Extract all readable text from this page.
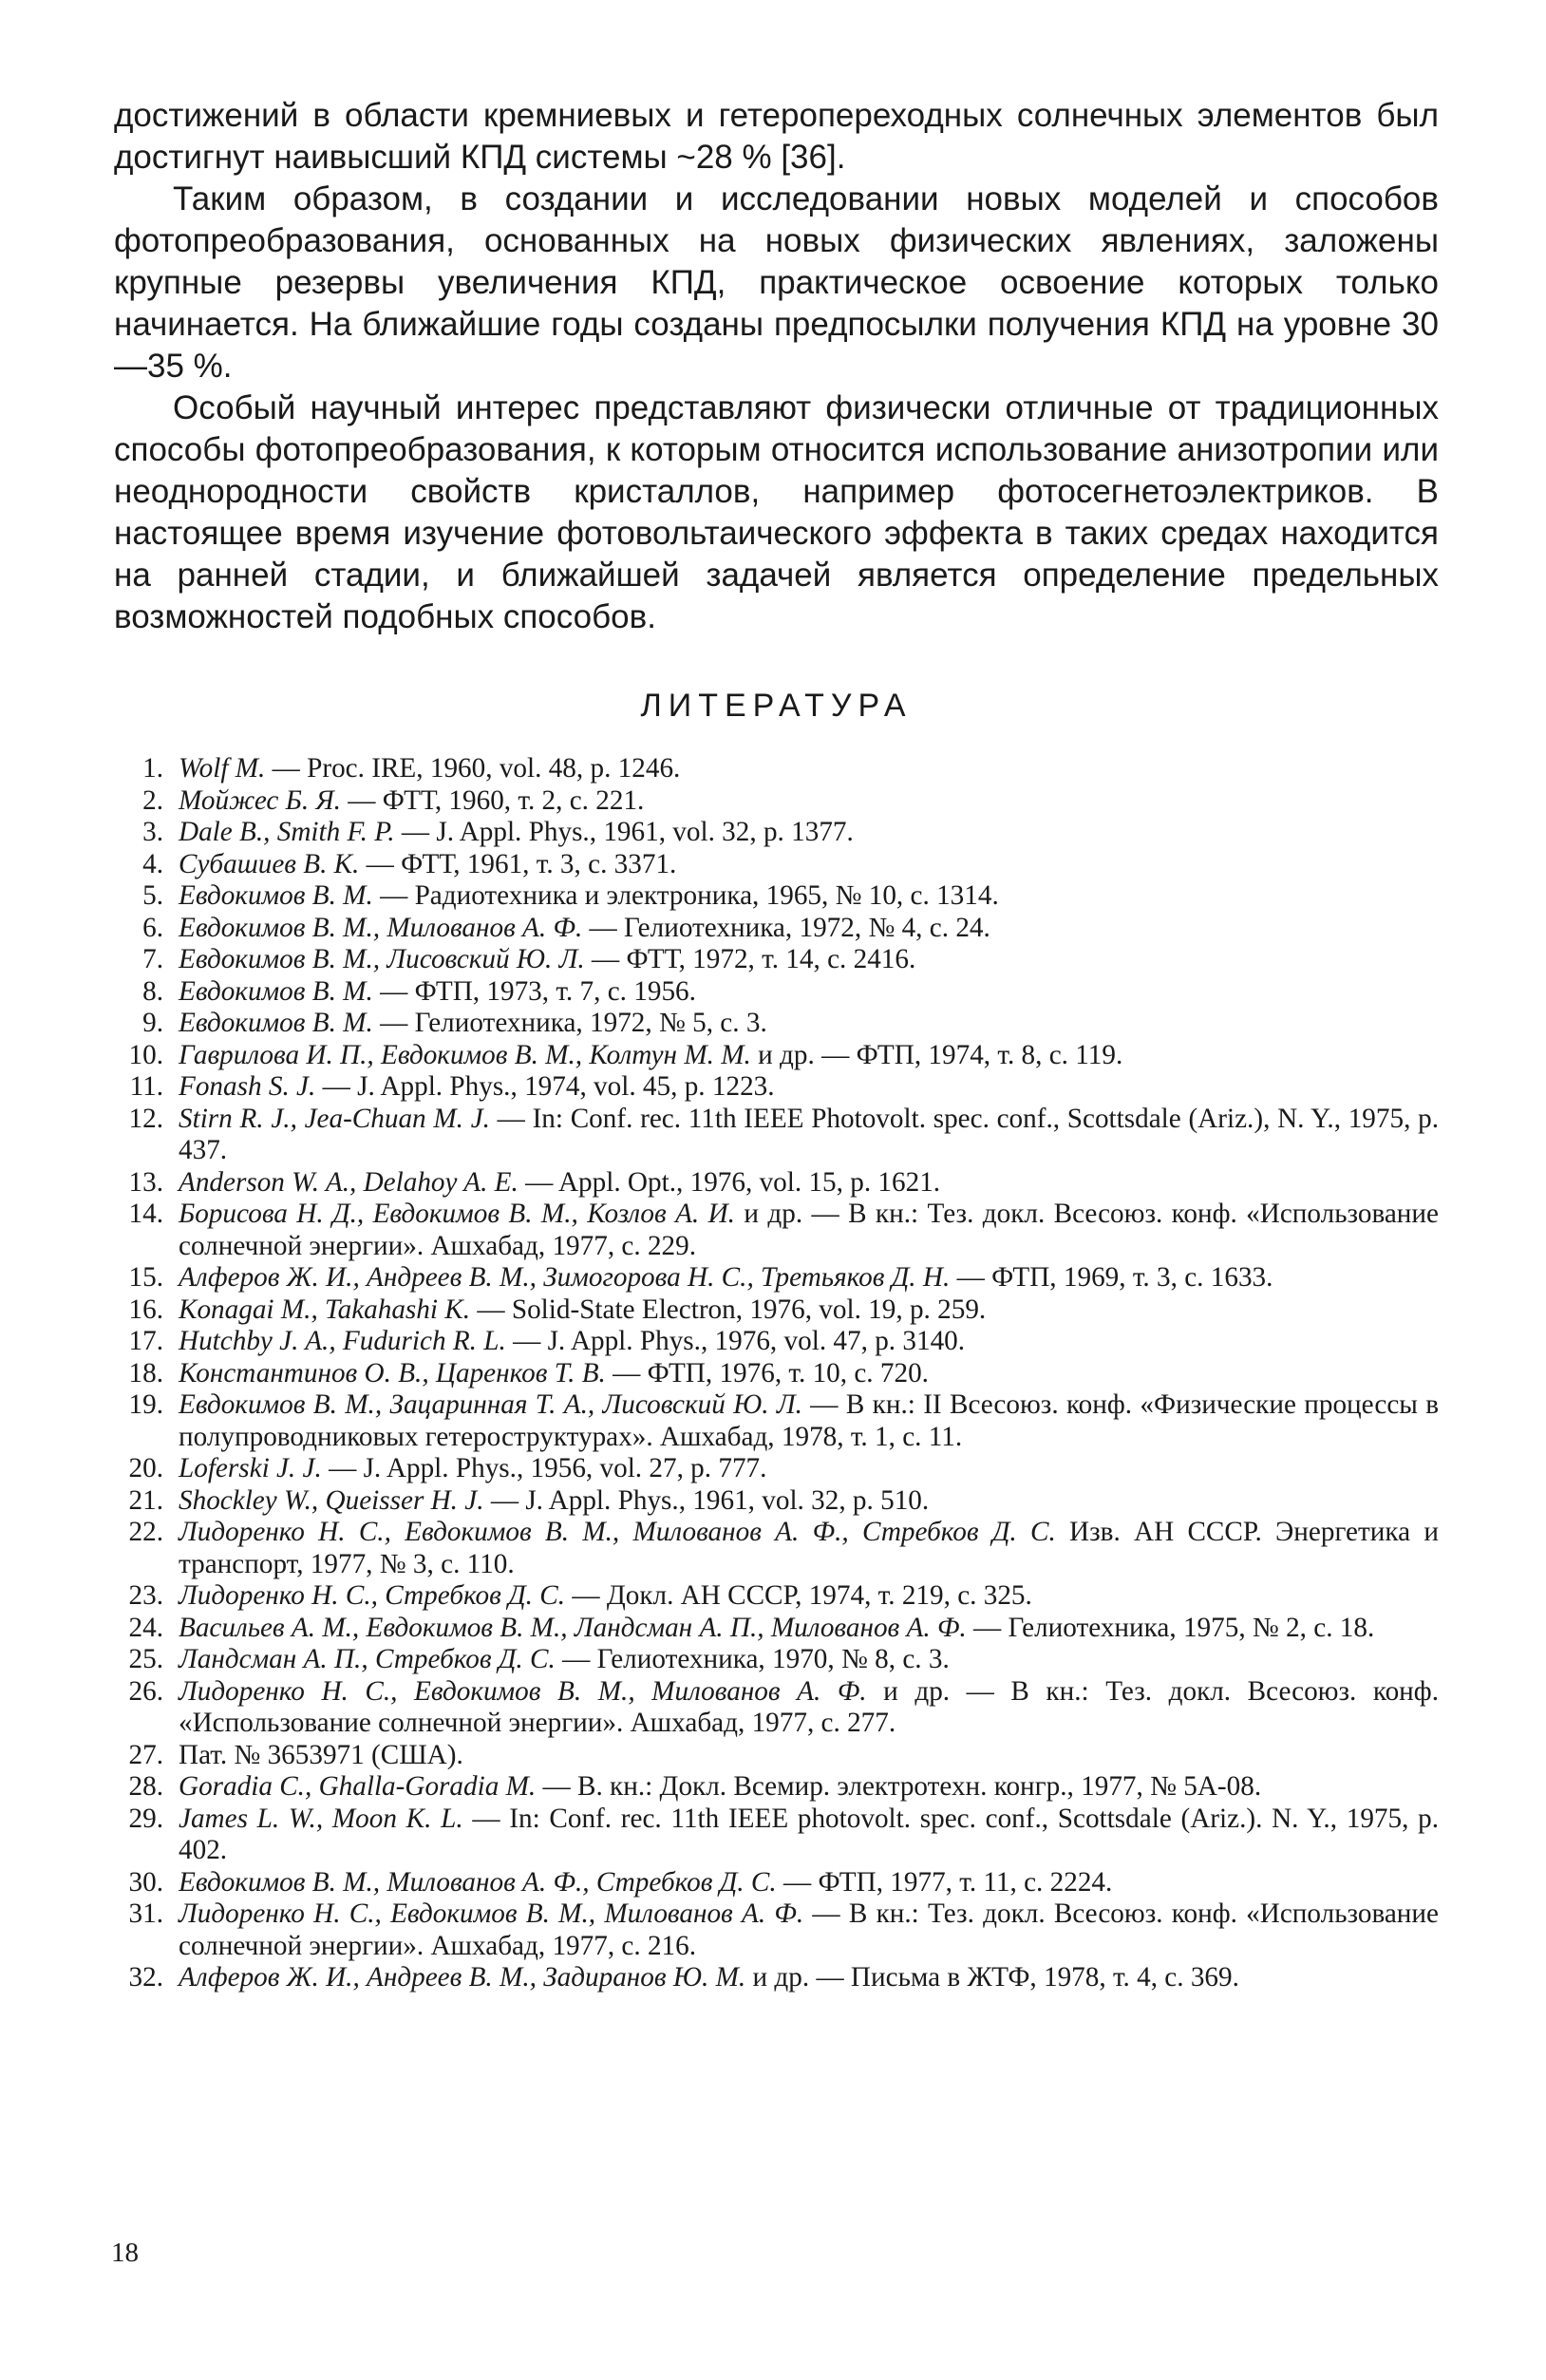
достижений в области кремниевых и гетеропереходных солнечных элементов был достигнут наивысший КПД системы ~28 % [36].

Таким образом, в создании и исследовании новых моделей и способов фотопреобразования, основанных на новых физических явлениях, заложены крупные резервы увеличения КПД, практическое освоение которых только начинается. На ближайшие годы созданы предпосылки получения КПД на уровне 30—35 %.

Особый научный интерес представляют физически отличные от традиционных способы фотопреобразования, к которым относится использование анизотропии или неоднородности свойств кристаллов, например фотосегнетоэлектриков. В настоящее время изучение фотовольтаического эффекта в таких средах находится на ранней стадии, и ближайшей задачей является определение предельных возможностей подобных способов.

ЛИТЕРАТУРА
1. Wolf M. — Proc. IRE, 1960, vol. 48, p. 1246.
2. Мойжес Б. Я. — ФТТ, 1960, т. 2, с. 221.
3. Dale B., Smith F. P. — J. Appl. Phys., 1961, vol. 32, p. 1377.
4. Субашиев В. К. — ФТТ, 1961, т. 3, с. 3371.
5. Евдокимов В. М. — Радиотехника и электроника, 1965, № 10, с. 1314.
6. Евдокимов В. М., Милованов А. Ф. — Гелиотехника, 1972, № 4, с. 24.
7. Евдокимов В. М., Лисовский Ю. Л. — ФТТ, 1972, т. 14, с. 2416.
8. Евдокимов В. М. — ФТП, 1973, т. 7, с. 1956.
9. Евдокимов В. М. — Гелиотехника, 1972, № 5, с. 3.
10. Гаврилова И. П., Евдокимов В. М., Колтун М. М. и др. — ФТП, 1974, т. 8, с. 119.
11. Fonash S. J. — J. Appl. Phys., 1974, vol. 45, p. 1223.
12. Stirn R. J., Jea-Chuan M. J. — In: Conf. rec. 11th IEEE Photovolt. spec. conf., Scottsdale (Ariz.), N. Y., 1975, p. 437.
13. Anderson W. A., Delahoy A. E. — Appl. Opt., 1976, vol. 15, p. 1621.
14. Борисова Н. Д., Евдокимов В. М., Козлов А. И. и др. — В кн.: Тез. докл. Всесоюз. конф. «Использование солнечной энергии». Ашхабад, 1977, с. 229.
15. Алферов Ж. И., Андреев В. М., Зимогорова Н. С., Третьяков Д. Н. — ФТП, 1969, т. 3, с. 1633.
16. Konagai M., Takahashi K. — Solid-State Electron, 1976, vol. 19, p. 259.
17. Hutchby J. A., Fudurich R. L. — J. Appl. Phys., 1976, vol. 47, p. 3140.
18. Константинов О. В., Царенков Т. В. — ФТП, 1976, т. 10, с. 720.
19. Евдокимов В. М., Зацаринная Т. А., Лисовский Ю. Л. — В кн.: II Всесоюз. конф. «Физические процессы в полупроводниковых гетероструктурах». Ашхабад, 1978, т. 1, с. 11.
20. Loferski J. J. — J. Appl. Phys., 1956, vol. 27, p. 777.
21. Shockley W., Queisser H. J. — J. Appl. Phys., 1961, vol. 32, p. 510.
22. Лидоренко Н. С., Евдокимов В. М., Милованов А. Ф., Стребков Д. С. Изв. АН СССР. Энергетика и транспорт, 1977, № 3, с. 110.
23. Лидоренко Н. С., Стребков Д. С. — Докл. АН СССР, 1974, т. 219, с. 325.
24. Васильев А. М., Евдокимов В. М., Ландсман А. П., Милованов А. Ф. — Гелиотехника, 1975, № 2, с. 18.
25. Ландсман А. П., Стребков Д. С. — Гелиотехника, 1970, № 8, с. 3.
26. Лидоренко Н. С., Евдокимов В. М., Милованов А. Ф. и др. — В кн.: Тез. докл. Всесоюз. конф. «Использование солнечной энергии». Ашхабад, 1977, с. 277.
27. Пат. № 3653971 (США).
28. Goradia C., Ghalla-Goradia M. — В. кн.: Докл. Всемир. электротехн. конгр., 1977, № 5А-08.
29. James L. W., Moon K. L. — In: Conf. rec. 11th IEEE photovolt. spec. conf., Scottsdale (Ariz.). N. Y., 1975, p. 402.
30. Евдокимов В. М., Милованов А. Ф., Стребков Д. С. — ФТП, 1977, т. 11, с. 2224.
31. Лидоренко Н. С., Евдокимов В. М., Милованов А. Ф. — В кн.: Тез. докл. Всесоюз. конф. «Использование солнечной энергии». Ашхабад, 1977, с. 216.
32. Алферов Ж. И., Андреев В. М., Задиранов Ю. М. и др. — Письма в ЖТФ, 1978, т. 4, с. 369.
18
